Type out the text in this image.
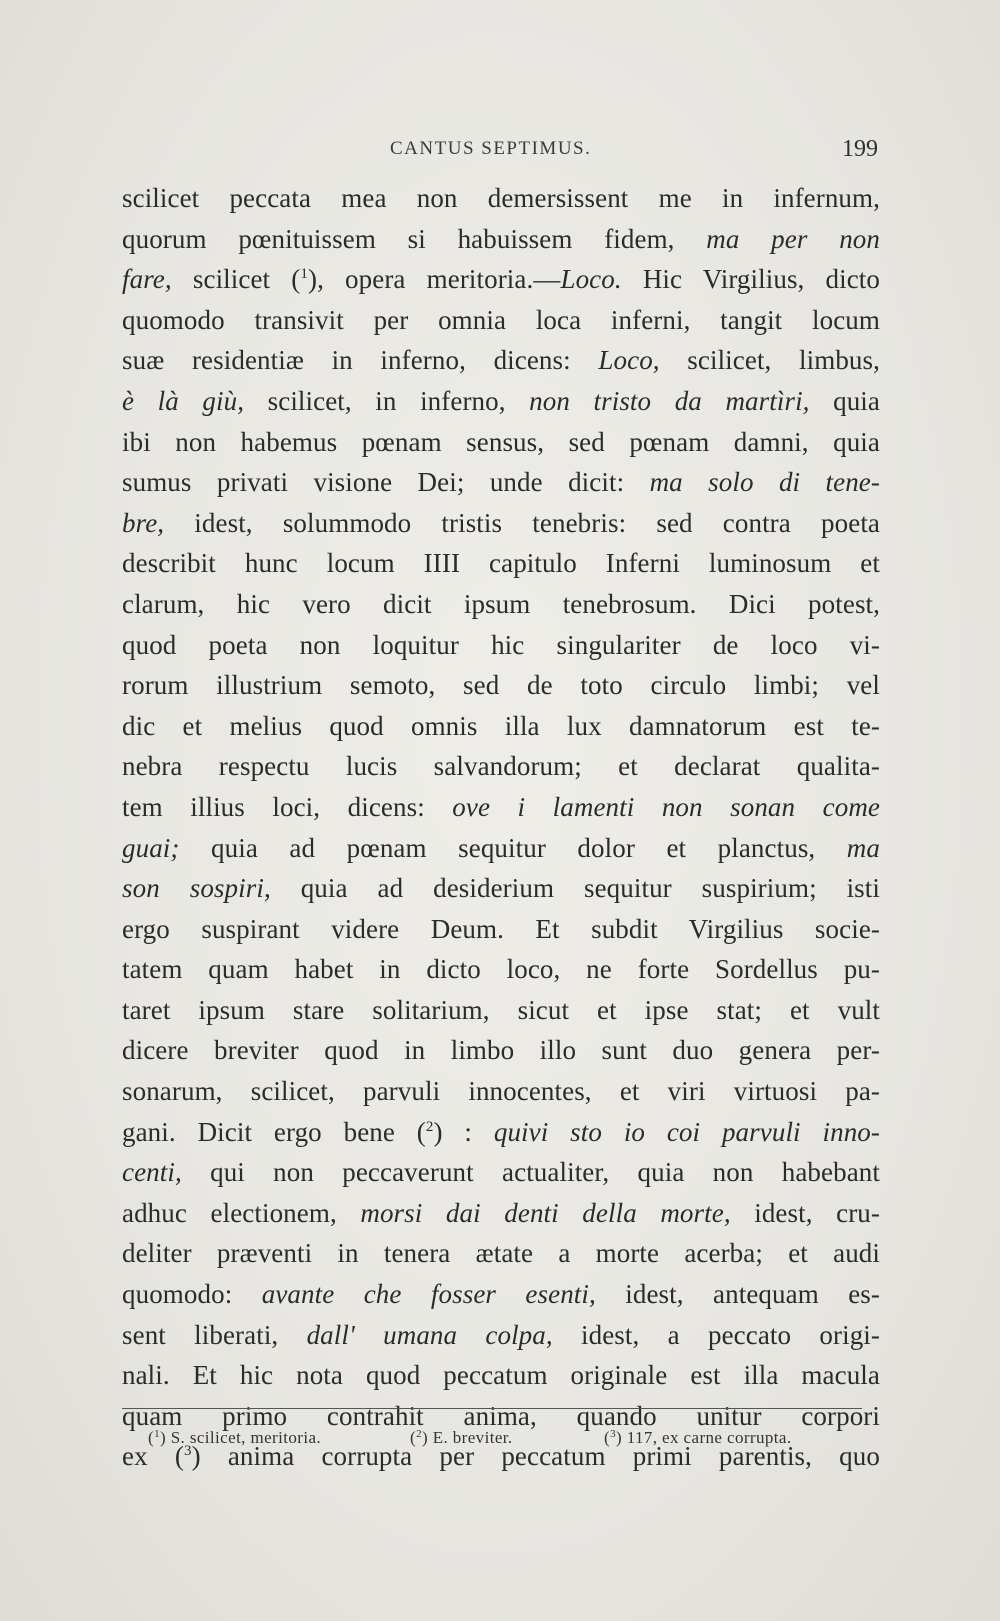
CANTUS SEPTIMUS.	199
scilicet peccata mea non demersissent me in infernum,
quorum pœnituissem si habuissem fidem, ma per non
fare, scilicet ($^1$), opera meritoria.—Loco. Hic Virgilius, dicto
quomodo transivit per omnia loca inferni, tangit locum
suæ residentiæ in inferno, dicens: Loco, scilicet, limbus,
è là giù, scilicet, in inferno, non tristo da martìri, quia
ibi non habemus pœnam sensus, sed pœnam damni, quia
sumus privati visione Dei; unde dicit: ma solo di tene-
bre, idest, solummodo tristis tenebris: sed contra poeta
describit hunc locum IIII capitulo Inferni luminosum et
clarum, hic vero dicit ipsum tenebrosum. Dici potest,
quod poeta non loquitur hic singulariter de loco vi-
rorum illustrium semoto, sed de toto circulo limbi; vel
dic et melius quod omnis illa lux damnatorum est te-
nebra respectu lucis salvandorum; et declarat qualita-
tem illius loci, dicens: ove i lamenti non sonan come
guai; quia ad pœnam sequitur dolor et planctus, ma
son sospiri, quia ad desiderium sequitur suspirium; isti
ergo suspirant videre Deum. Et subdit Virgilius socie-
tatem quam habet in dicto loco, ne forte Sordellus pu-
taret ipsum stare solitarium, sicut et ipse stat; et vult
dicere breviter quod in limbo illo sunt duo genera per-
sonarum, scilicet, parvuli innocentes, et viri virtuosi pa-
gani. Dicit ergo bene ($^2$) : quivi sto io coi parvuli inno-
centi, qui non peccaverunt actualiter, quia non habebant
adhuc electionem, morsi dai denti della morte, idest, cru-
deliter præventi in tenera ætate a morte acerba; et audi
quomodo: avante che fosser esenti, idest, antequam es-
sent liberati, dall' umana colpa, idest, a peccato origi-
nali. Et hic nota quod peccatum originale est illa macula
quam primo contrahit anima, quando unitur corpori
ex ($^3$) anima corrupta per peccatum primi parentis, quo
($^1$) S. scilicet, meritoria.	($^2$) E. breviter.	($^3$) 117, ex carne corrupta.
